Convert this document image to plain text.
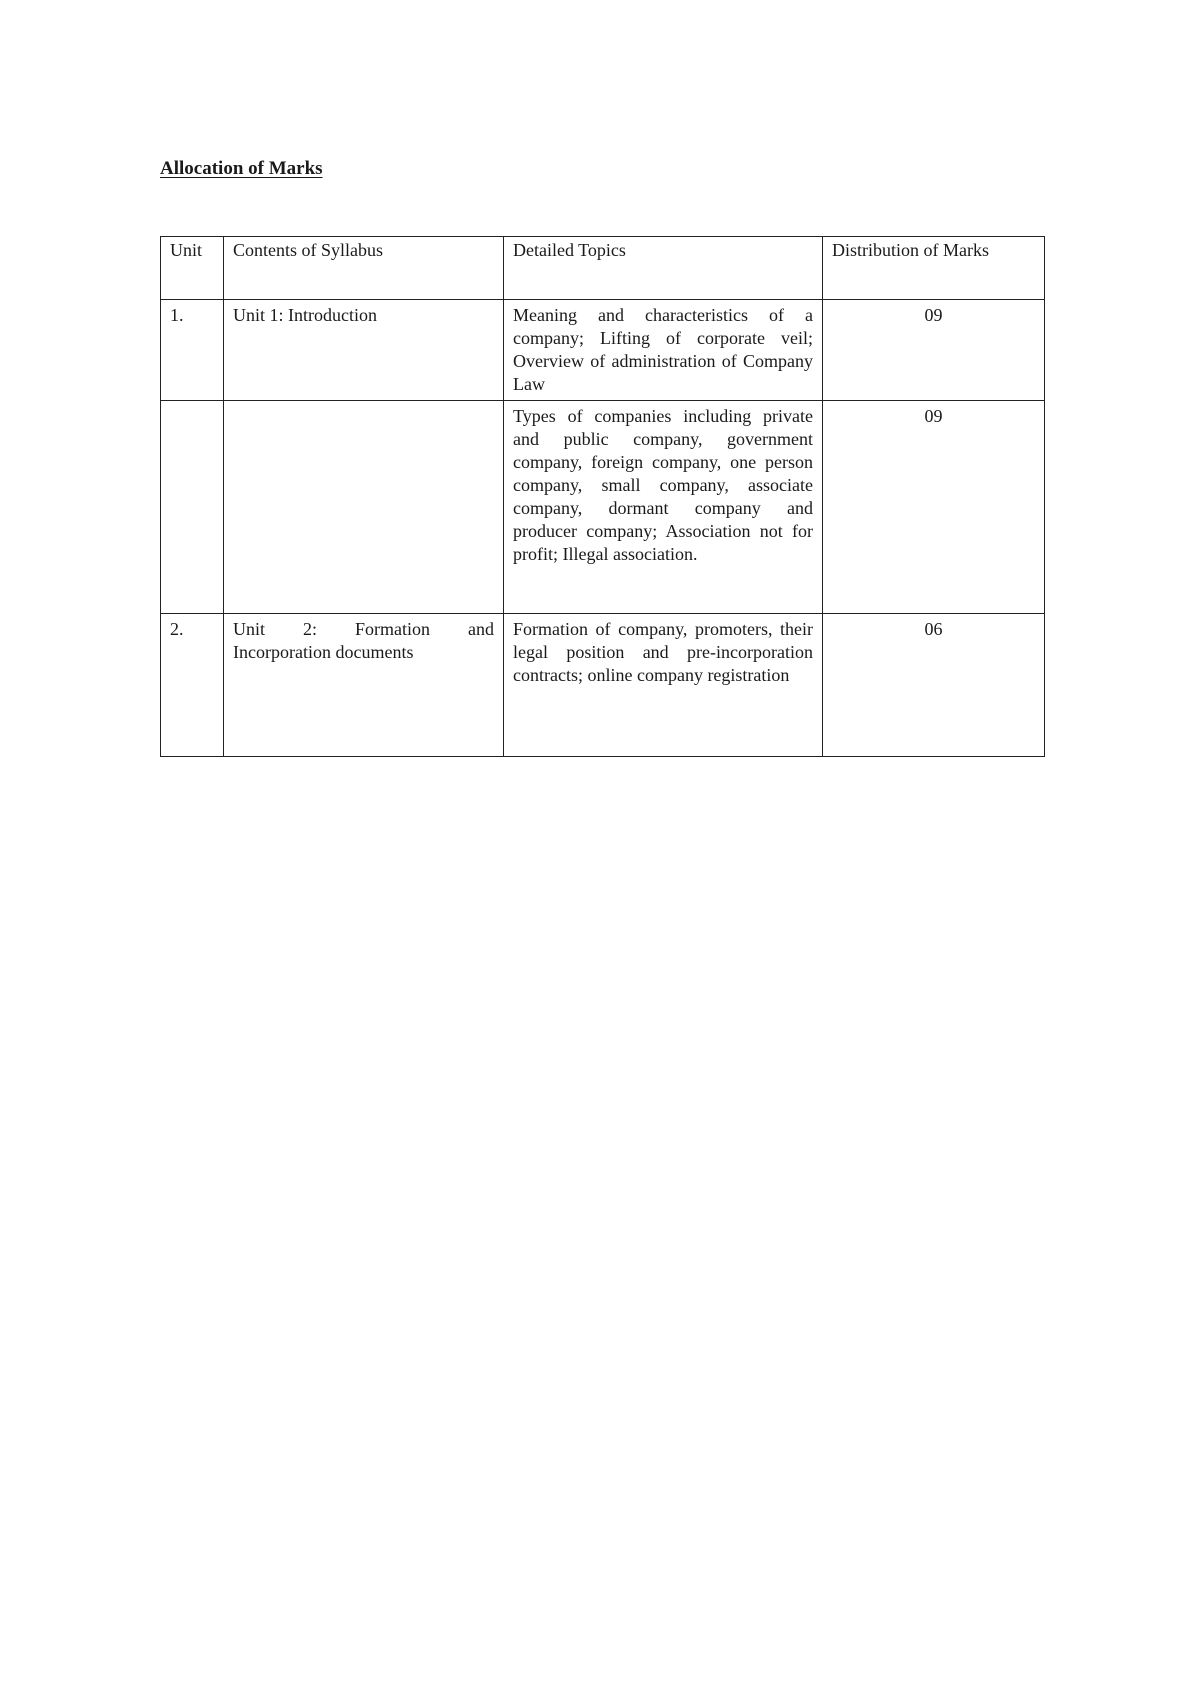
Allocation of Marks
Unit	Contents of Syllabus	Detailed Topics	Distribution of Marks
1.	Unit 1: Introduction	Meaning and characteristics of a company; Lifting of corporate veil; Overview of administration of Company Law	09
		Types of companies including private and public company, government company, foreign company, one person company, small company, associate company, dormant company and producer company; Association not for profit; Illegal association.	09
2.	Unit 2: Formation and Incorporation documents	Formation of company, promoters, their legal position and pre-incorporation contracts; online company registration	06
